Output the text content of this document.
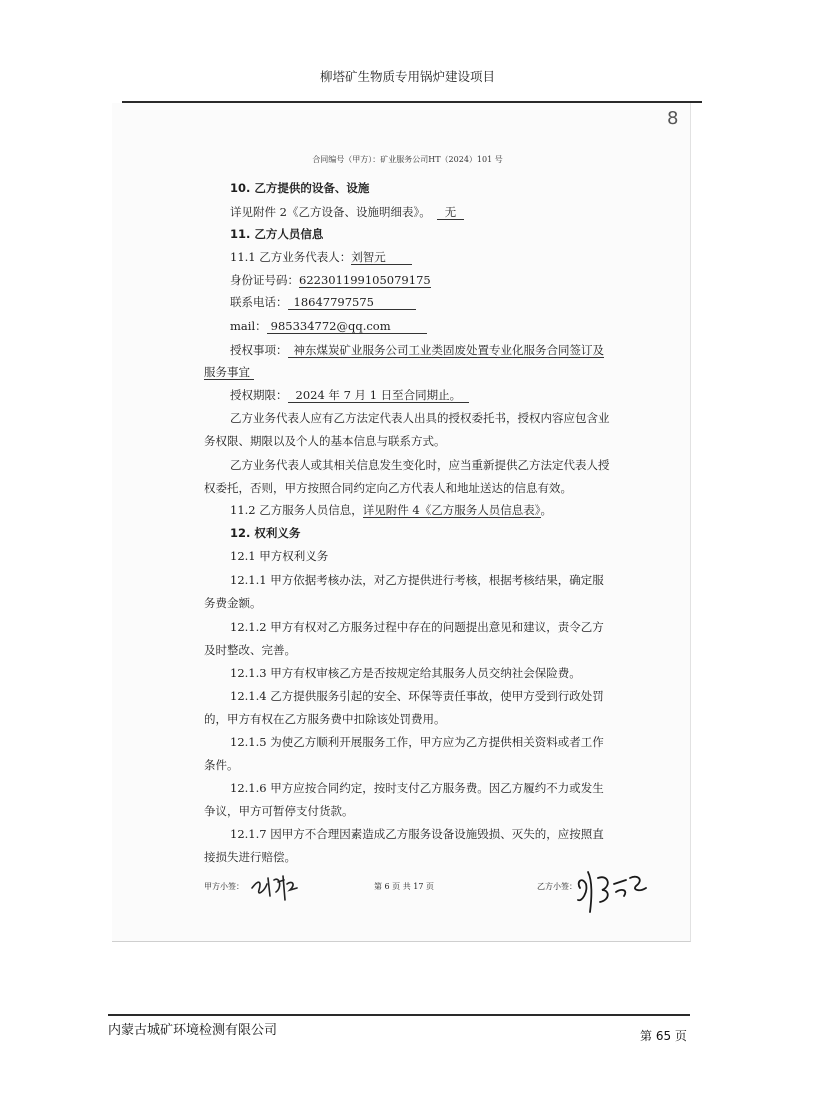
柳塔矿生物质专用锅炉建设项目
8
合同编号（甲方）：矿业服务公司HT（2024）101 号
10. 乙方提供的设备、设施
详见附件 2《乙方设备、设施明细表》。 无
11. 乙方人员信息
11.1 乙方业务代表人：刘智元
身份证号码：622301199105079175
联系电话： 18647797575
mail： 985334772@qq.com
授权事项： 神东煤炭矿业服务公司工业类固废处置专业化服务合同签订及
服务事宜
授权期限： 2024 年 7 月 1 日至合同期止。
乙方业务代表人应有乙方法定代表人出具的授权委托书，授权内容应包含业
务权限、期限以及个人的基本信息与联系方式。
乙方业务代表人或其相关信息发生变化时，应当重新提供乙方法定代表人授
权委托，否则，甲方按照合同约定向乙方代表人和地址送达的信息有效。
11.2 乙方服务人员信息，详见附件 4《乙方服务人员信息表》。
12. 权利义务
12.1 甲方权利义务
12.1.1 甲方依据考核办法，对乙方提供进行考核，根据考核结果，确定服
务费金额。
12.1.2 甲方有权对乙方服务过程中存在的问题提出意见和建议，责令乙方
及时整改、完善。
12.1.3 甲方有权审核乙方是否按规定给其服务人员交纳社会保险费。
12.1.4 乙方提供服务引起的安全、环保等责任事故，使甲方受到行政处罚
的，甲方有权在乙方服务费中扣除该处罚费用。
12.1.5 为使乙方顺利开展服务工作，甲方应为乙方提供相关资料或者工作
条件。
12.1.6 甲方应按合同约定，按时支付乙方服务费。因乙方履约不力或发生
争议，甲方可暂停支付货款。
12.1.7 因甲方不合理因素造成乙方服务设备设施毁损、灭失的，应按照直
接损失进行赔偿。
甲方小签：	第 6 页 共 17 页	乙方小签：
内蒙古城矿环境检测有限公司	第 65 页
